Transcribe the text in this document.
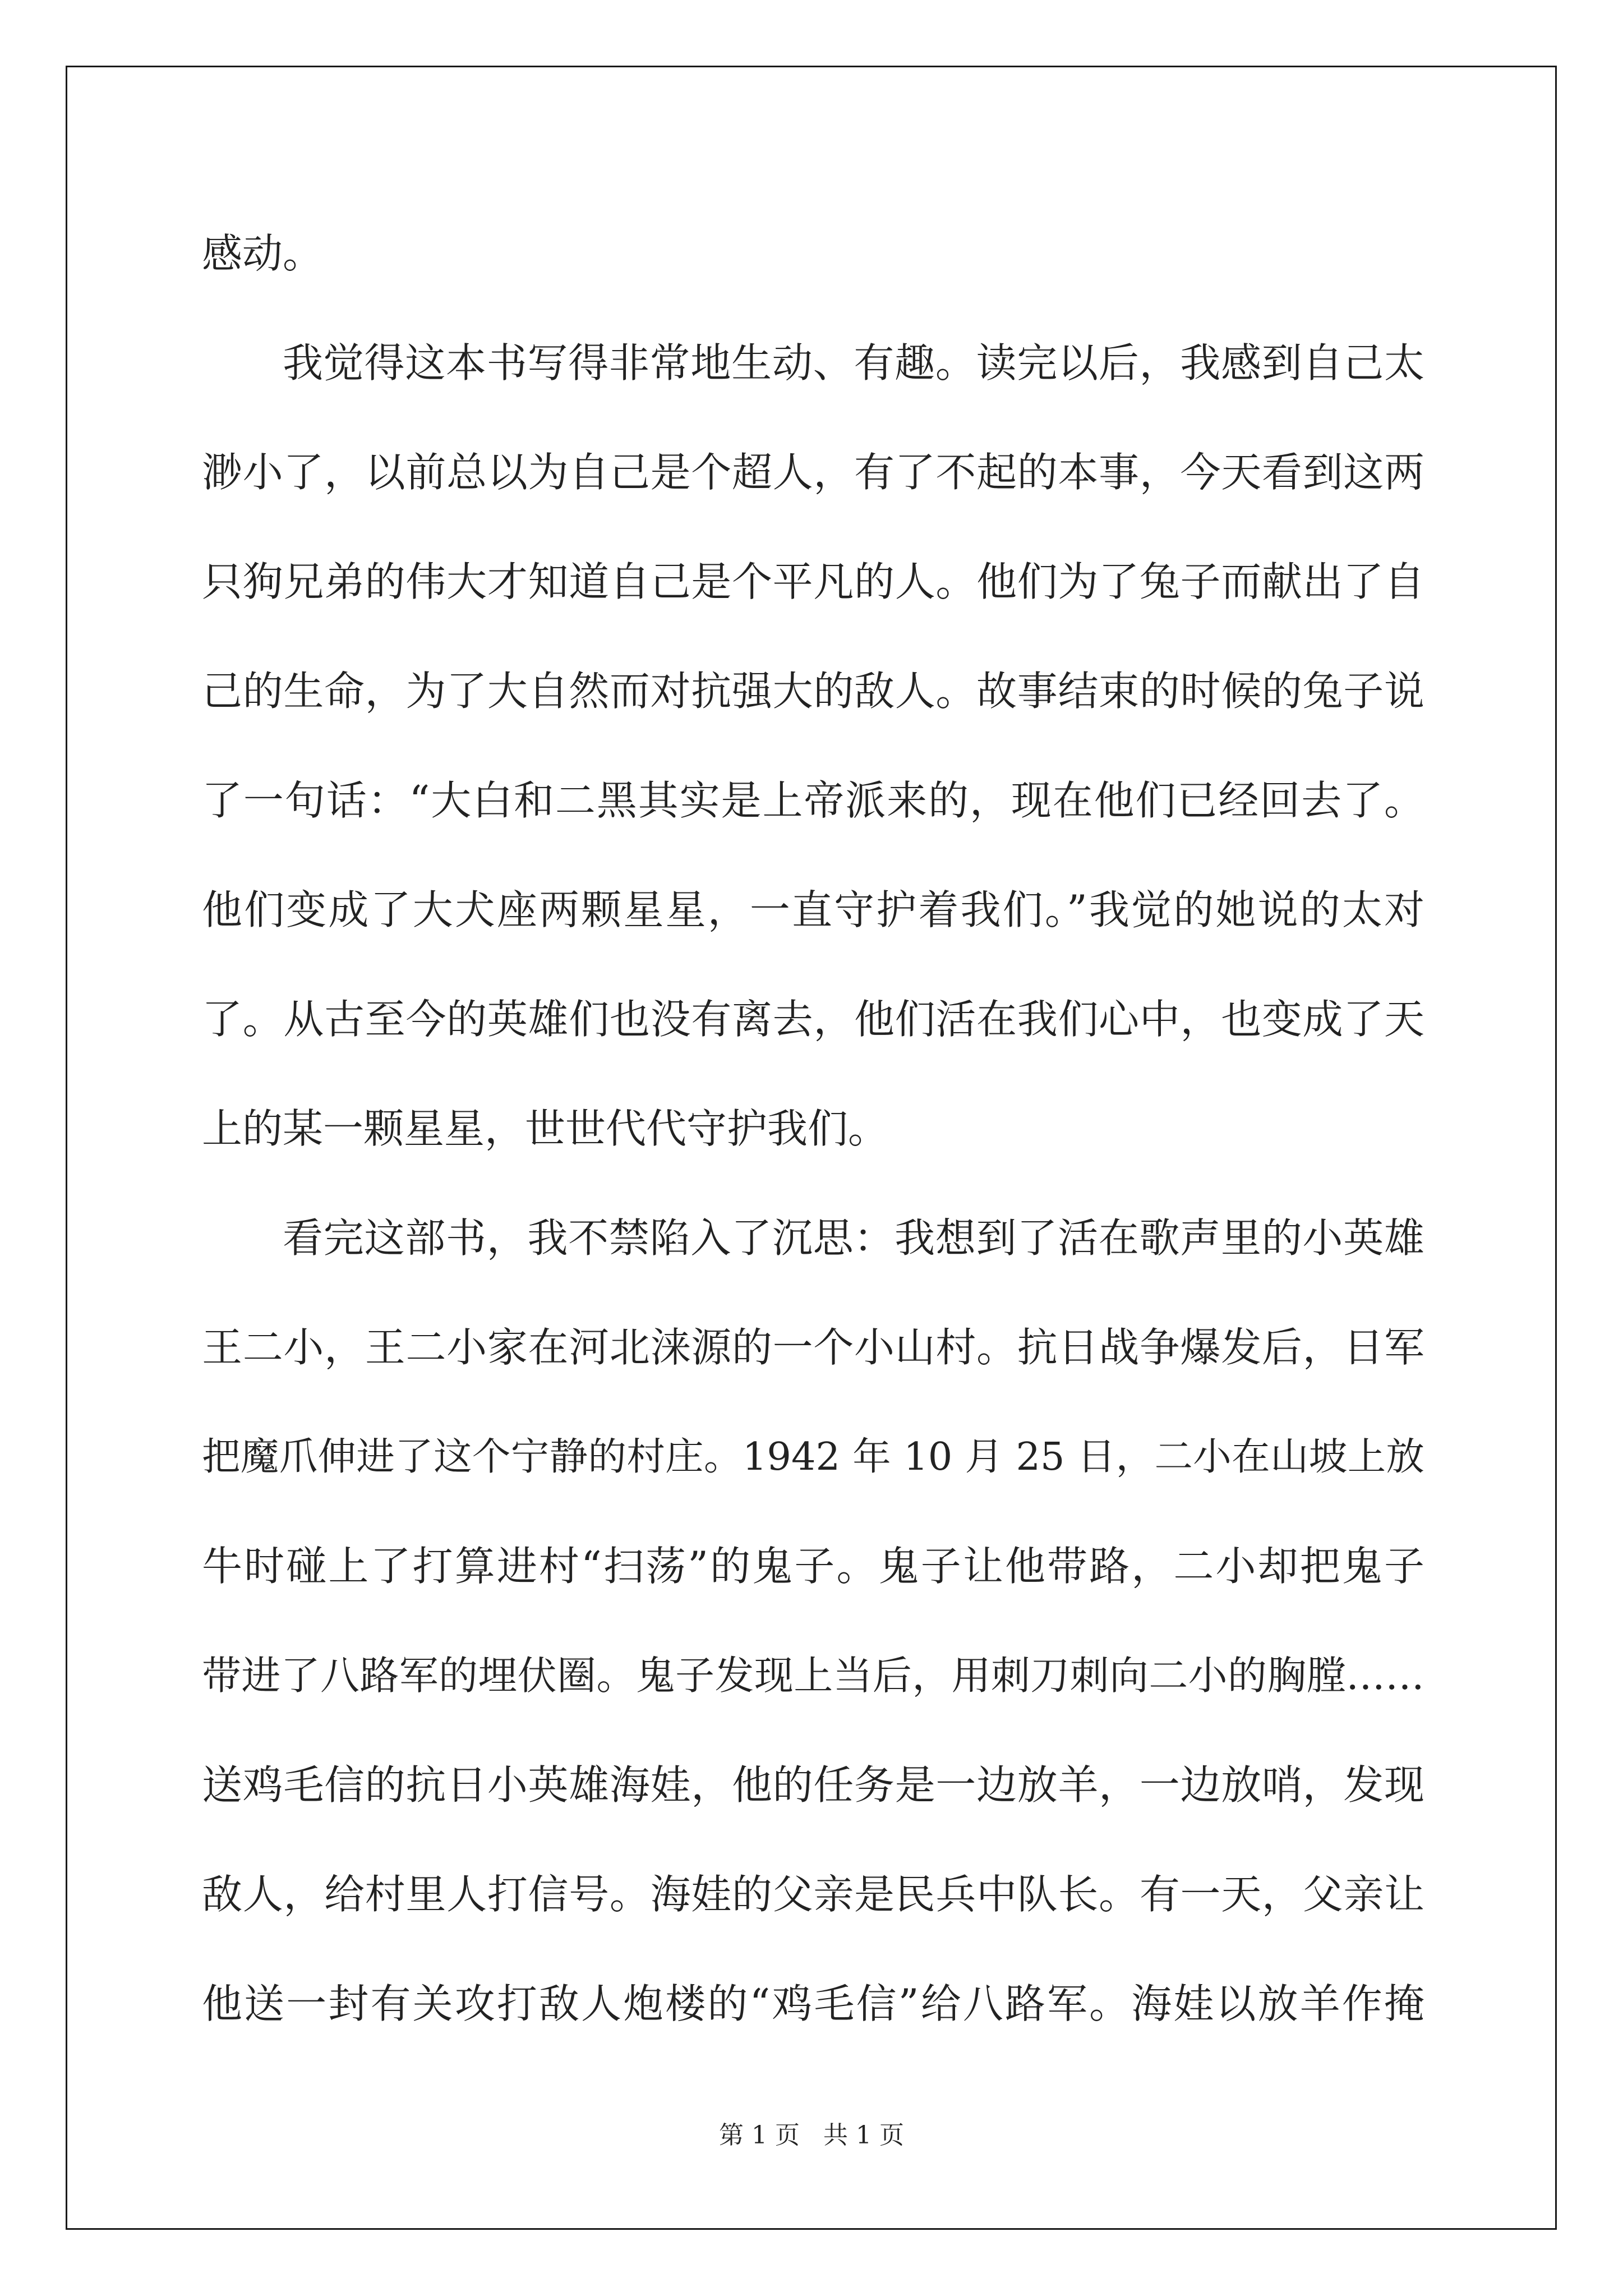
感动。
我觉得这本书写得非常地生动、有趣。读完以后，我感到自己太
渺小了，以前总以为自己是个超人，有了不起的本事，今天看到这两
只狗兄弟的伟大才知道自己是个平凡的人。他们为了兔子而献出了自
己的生命，为了大自然而对抗强大的敌人。故事结束的时候的兔子说
了一句话：“大白和二黑其实是上帝派来的，现在他们已经回去了。
他们变成了大犬座两颗星星，一直守护着我们。”我觉的她说的太对
了。从古至今的英雄们也没有离去，他们活在我们心中，也变成了天
上的某一颗星星，世世代代守护我们。
看完这部书，我不禁陷入了沉思：我想到了活在歌声里的小英雄
王二小，王二小家在河北涞源的一个小山村。抗日战争爆发后，日军
把魔爪伸进了这个宁静的村庄。1942 年 10 月 25 日，二小在山坡上放
牛时碰上了打算进村“扫荡”的鬼子。鬼子让他带路，二小却把鬼子
带进了八路军的埋伏圈。鬼子发现上当后，用刺刀刺向二小的胸膛……
送鸡毛信的抗日小英雄海娃，他的任务是一边放羊，一边放哨，发现
敌人，给村里人打信号。海娃的父亲是民兵中队长。有一天，父亲让
他送一封有关攻打敌人炮楼的“鸡毛信”给八路军。海娃以放羊作掩
第 1 页   共 1 页
